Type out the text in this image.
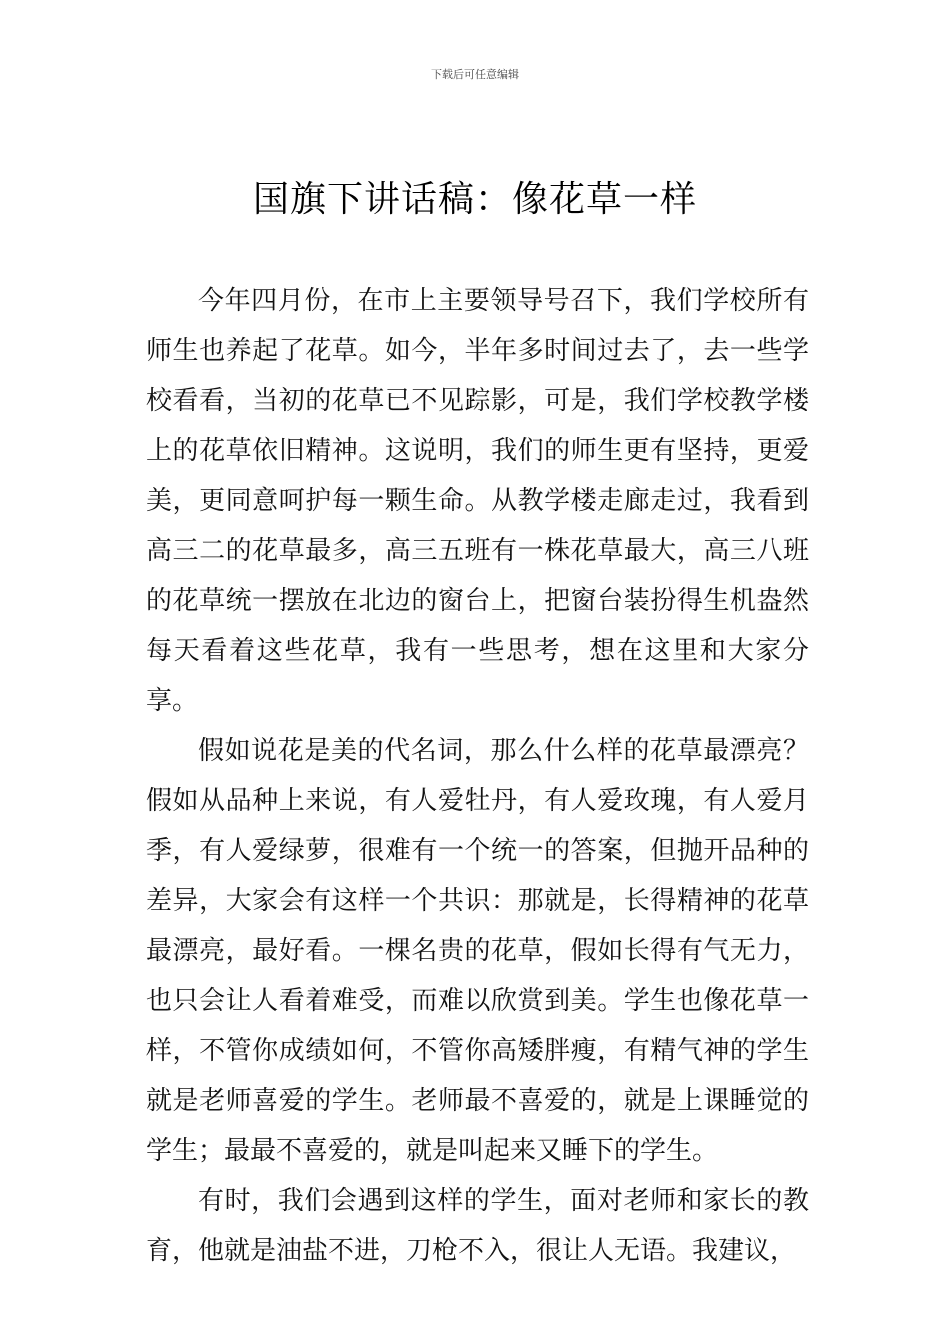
下载后可任意编辑
国旗下讲话稿：像花草一样

今年四月份，在市上主要领导号召下，我们学校所有师生也养起了花草。如今，半年多时间过去了，去一些学校看看，当初的花草已不见踪影，可是，我们学校教学楼上的花草依旧精神。这说明，我们的师生更有坚持，更爱美，更同意呵护每一颗生命。从教学楼走廊走过，我看到高三二的花草最多，高三五班有一株花草最大，高三八班的花草统一摆放在北边的窗台上，把窗台装扮得生机盎然每天看着这些花草，我有一些思考，想在这里和大家分享。

假如说花是美的代名词，那么什么样的花草最漂亮？假如从品种上来说，有人爱牡丹，有人爱玫瑰，有人爱月季，有人爱绿萝，很难有一个统一的答案，但抛开品种的差异，大家会有这样一个共识：那就是，长得精神的花草最漂亮，最好看。一棵名贵的花草，假如长得有气无力，也只会让人看着难受，而难以欣赏到美。学生也像花草一样，不管你成绩如何，不管你高矮胖瘦，有精气神的学生就是老师喜爱的学生。老师最不喜爱的，就是上课睡觉的学生；最最不喜爱的，就是叫起来又睡下的学生。

有时，我们会遇到这样的学生，面对老师和家长的教育，他就是油盐不进，刀枪不入，很让人无语。我建议，
